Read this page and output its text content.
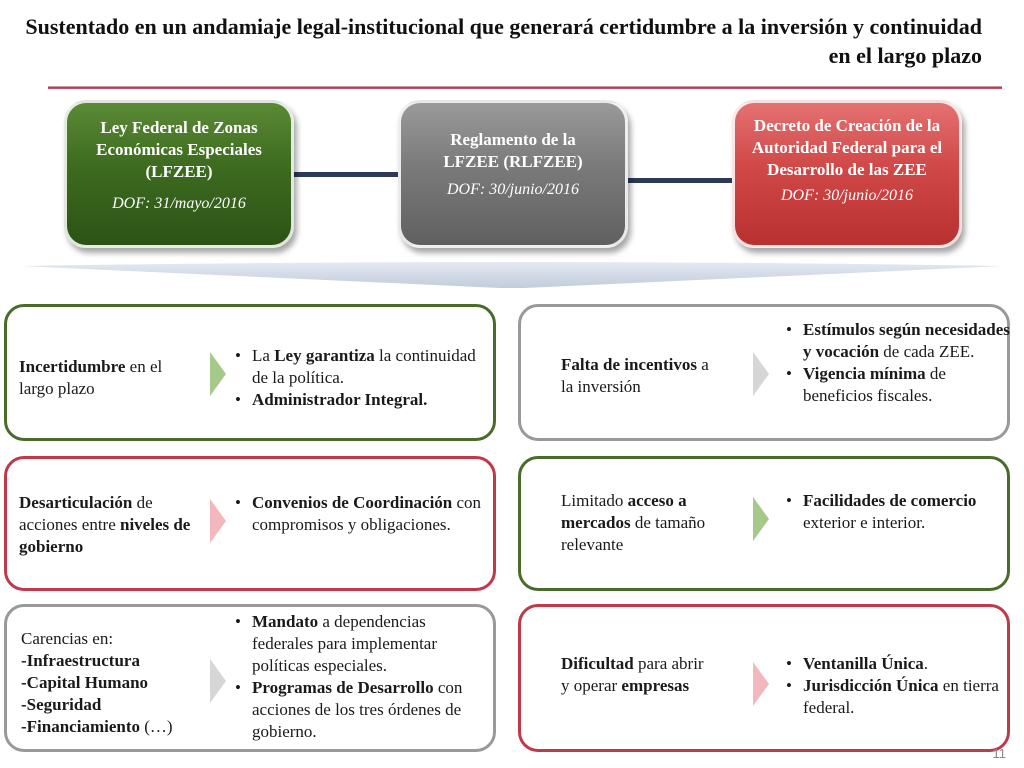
Sustentado en un andamiaje legal-institucional que generará certidumbre a la inversión y continuidad en el largo plazo
Ley Federal de Zonas Económicas Especiales (LFZEE)
DOF: 31/mayo/2016
Reglamento de la LFZEE (RLFZEE)
DOF: 30/junio/2016
Decreto de Creación de la Autoridad Federal para el Desarrollo de las ZEE
DOF: 30/junio/2016
Incertidumbre en el largo plazo
• La Ley garantiza la continuidad de la política.
• Administrador Integral.
Falta de incentivos a la inversión
• Estímulos según necesidades y vocación de cada ZEE.
• Vigencia mínima de beneficios fiscales.
Desarticulación de acciones entre niveles de gobierno
• Convenios de Coordinación con compromisos y obligaciones.
Limitado acceso a mercados de tamaño relevante
• Facilidades de comercio exterior e interior.
Carencias en:
-Infraestructura
-Capital Humano
-Seguridad
-Financiamiento (…)
• Mandato a dependencias federales para implementar políticas especiales.
• Programas de Desarrollo con acciones de los tres órdenes de gobierno.
Dificultad para abrir y operar empresas
• Ventanilla Única.
• Jurisdicción Única en tierra federal.
11
